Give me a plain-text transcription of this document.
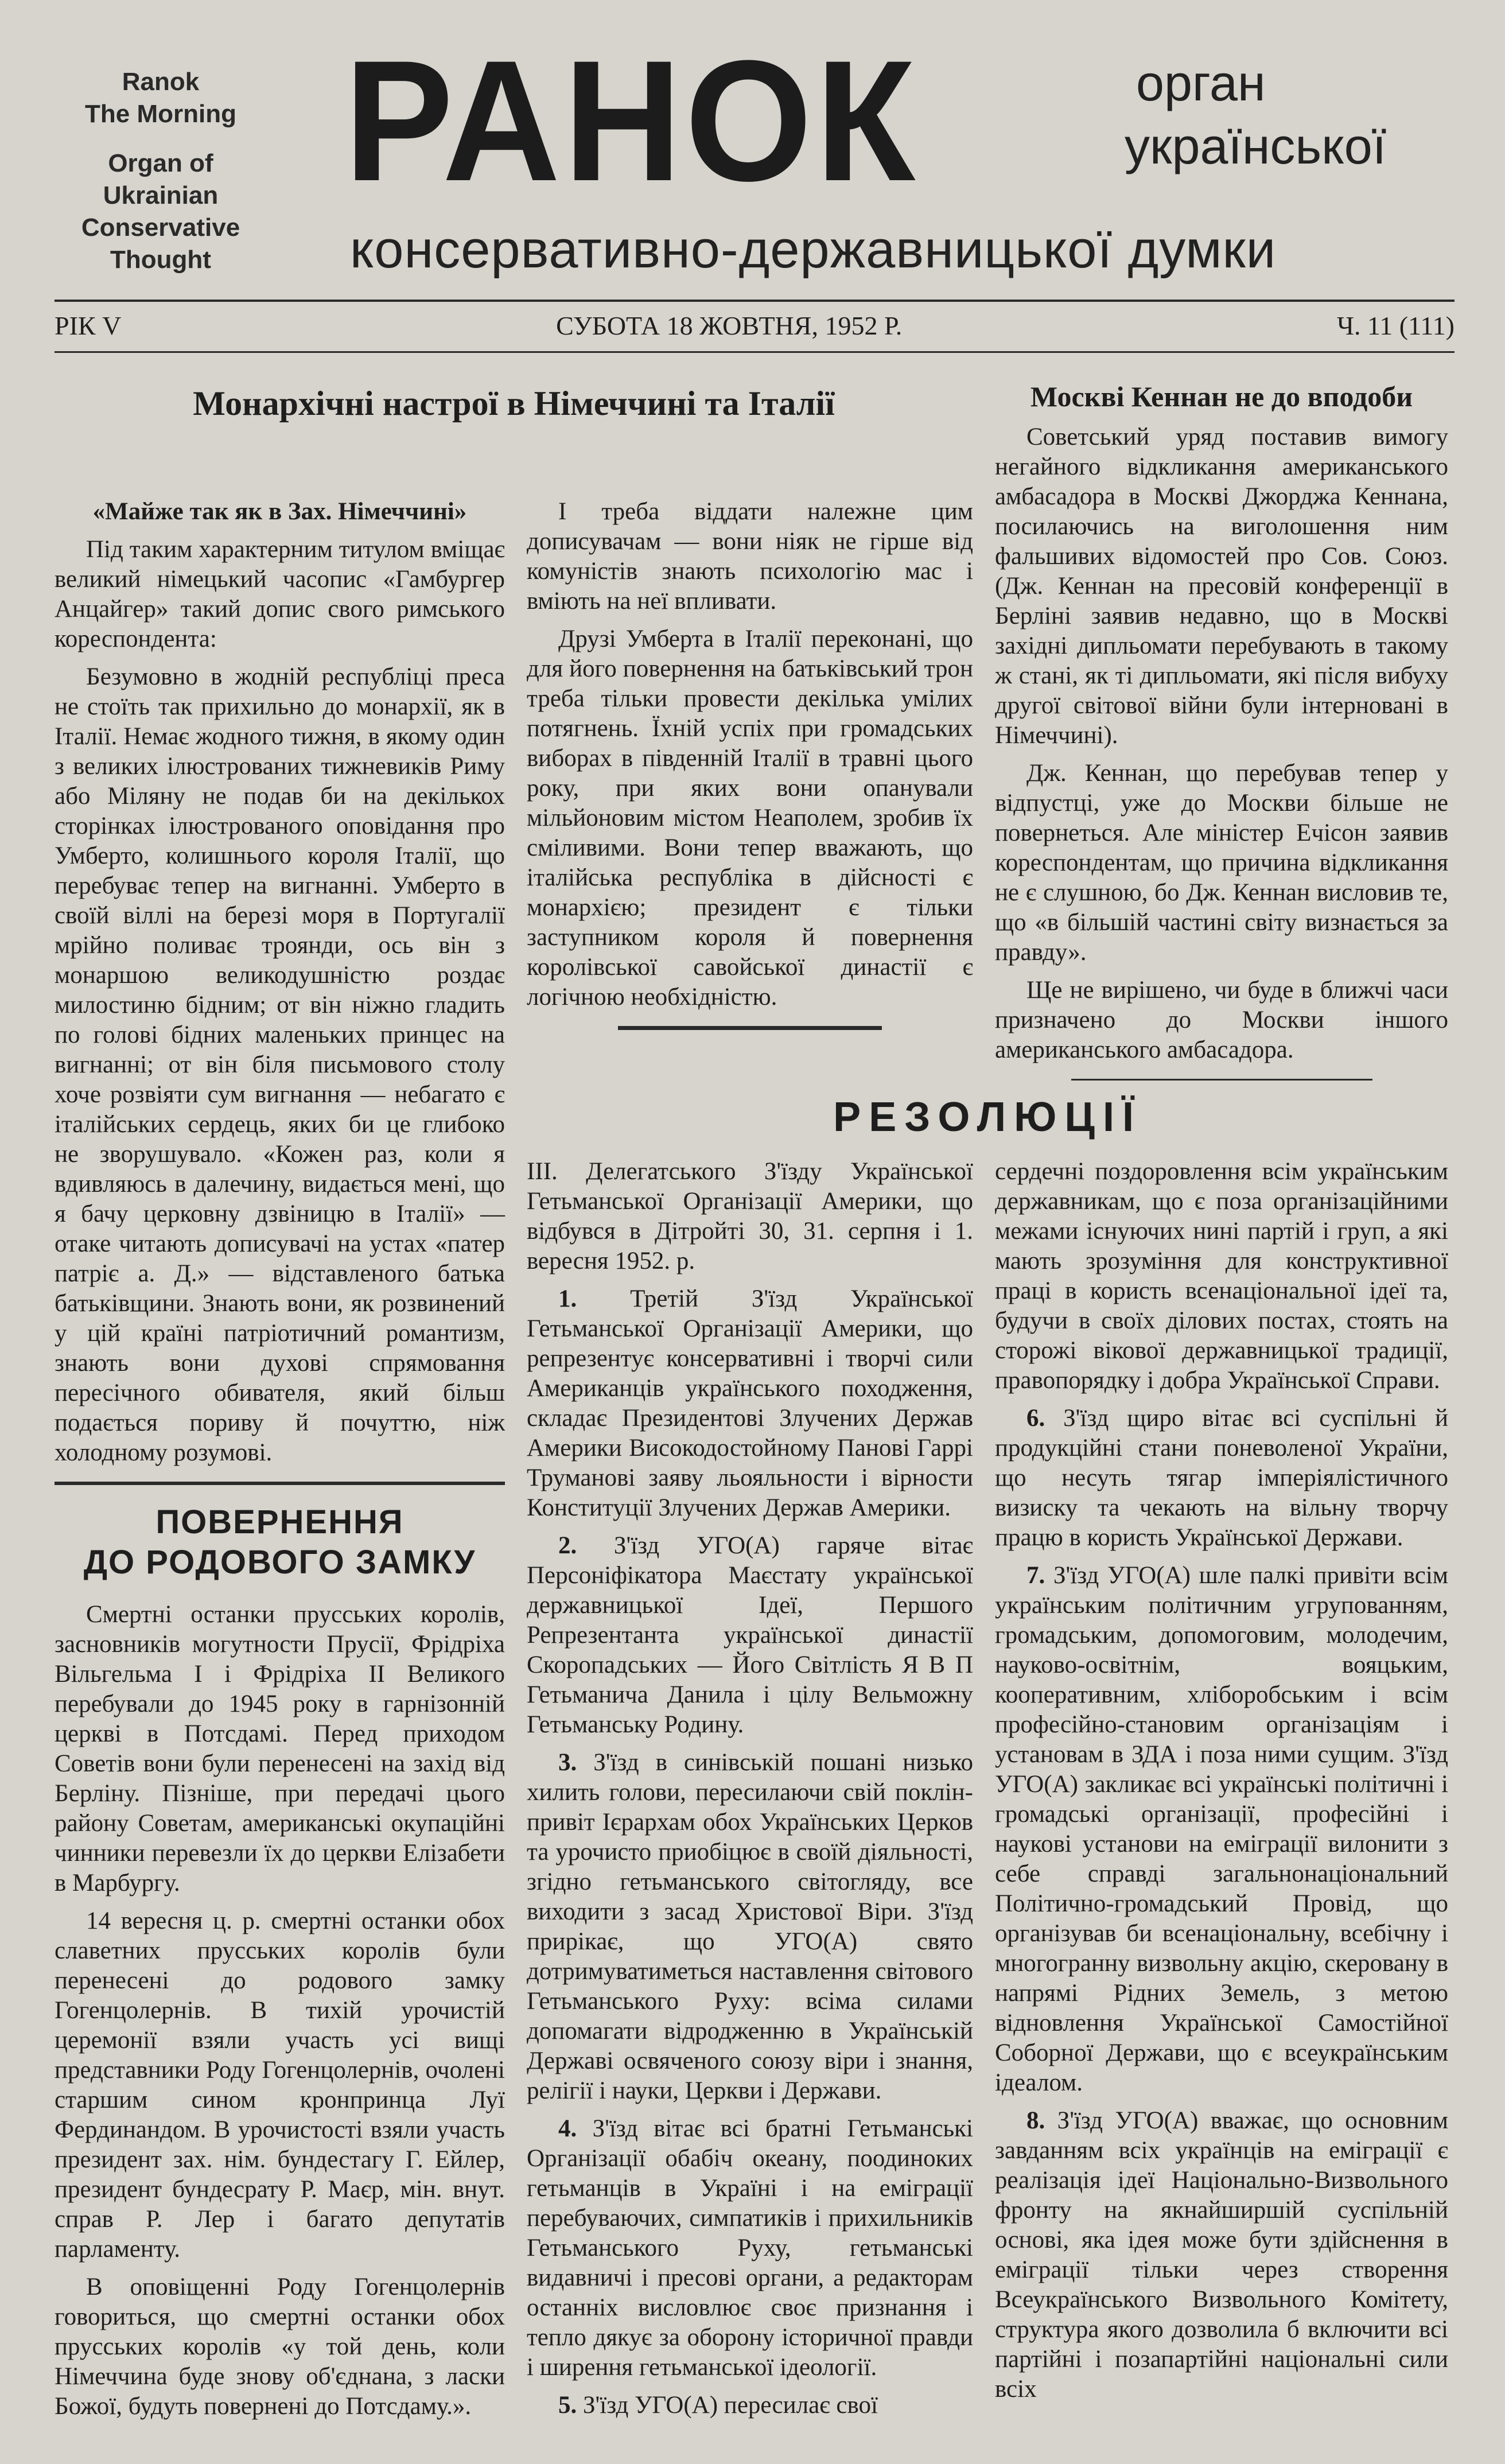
Ranok
The Morning
Organ of
Ukrainian
Conservative
Thought
РАНОК	орган
української
консервативно-державницької думки
РІК V	СУБОТА 18 ЖОВТНЯ, 1952 Р.	Ч. 11 (111)
Монархічні настрої в Німеччині та Італії	Москві Кеннан не до вподоби

Советський уряд поставив вимогу негайного відкликання американського амбасадора в Москві Джорджа Кеннана, посилаючись на виголошення ним фальшивих відомостей про Сов. Союз. (Дж. Кеннан на пресовій конференції в Берліні заявив недавно, що в Москві західні дипльомати перебувають в такому ж стані, як ті дипльомати, які після вибуху другої світової війни були інтерновані в Німеччині).

Дж. Кеннан, що перебував тепер у відпустці, уже до Москви більше не повернеться. Але міністер Ечісон заявив кореспондентам, що причина відкликання не є слушною, бо Дж. Кеннан висловив те, що «в більшій частині світу визнається за правду».

Ще не вирішено, чи буде в ближчі часи призначено до Москви іншого американського амбасадора.

«Майже так як в Зах. Німеччині»

Під таким характерним титулом вміщає великий німецький часопис «Гамбургер Анцайгер» такий допис свого римського кореспондента:

Безумовно в жодній республіці преса не стоїть так прихильно до монархії, як в Італії. Немає жодного тижня, в якому один з великих ілюстрованих тижневиків Риму або Міляну не подав би на декількох сторінках ілюстрованого оповідання про Умберто, колишнього короля Італії, що перебуває тепер на вигнанні. Умберто в своїй віллі на березі моря в Португалії мрійно поливає троянди, ось він з монаршою великодушністю роздає милостиню бідним; от він ніжно гладить по голові бідних маленьких принцес на вигнанні; от він біля письмового столу хоче розвіяти сум вигнання — небагато є італійських сердець, яких би це глибоко не зворушувало. «Кожен раз, коли я вдивляюсь в далечину, видається мені, що я бачу церковну дзвіницю в Італії» — отаке читають дописувачі на устах «патер патріє а. Д.» — відставленого батька батьківщини. Знають вони, як розвинений у цій країні патріотичний романтизм, знають вони духові спрямовання пересічного обивателя, який більш подається пориву й почуттю, ніж холодному розумові.

ПОВЕРНЕННЯ
ДО РОДОВОГО ЗАМКУ

Смертні останки прусських королів, засновників могутности Прусії, Фрідріха Вільгельма І і Фрідріха ІІ Великого перебували до 1945 року в гарнізонній церкві в Потсдамі. Перед приходом Советів вони були перенесені на захід від Берліну. Пізніше, при передачі цього району Советам, американські окупаційні чинники перевезли їх до церкви Елізабети в Марбургу.

14 вересня ц. р. смертні останки обох славетних прусських королів були перенесені до родового замку Гогенцолернів. В тихій урочистій церемонії взяли участь усі вищі представники Роду Гогенцолернів, очолені старшим сином кронпринца Луї Фердинандом. В урочистості взяли участь президент зах. нім. бундестагу Г. Ейлер, президент бундесрату Р. Маєр, мін. внут. справ Р. Лер і багато депутатів парламенту.

В оповіщенні Роду Гогенцолернів говориться, що смертні останки обох прусських королів «у той день, коли Німеччина буде знову об'єднана, з ласки Божої, будуть повернені до Потсдаму.».

І треба віддати належне цим дописувачам — вони ніяк не гірше від комуністів знають психологію мас і вміють на неї впливати.

Друзі Умберта в Італії переконані, що для його повернення на батьківський трон треба тільки провести декілька умілих потягнень. Їхній успіх при громадських виборах в південній Італії в травні цього року, при яких вони опанували мільйоновим містом Неаполем, зробив їх сміливими. Вони тепер вважають, що італійська республіка в дійсності є монархією; президент є тільки заступником короля й повернення королівської савойської династії є логічною необхідністю.

РЕЗОЛЮЦІЇ

III. Делегатського З'їзду Української Гетьманської Організації Америки, що відбувся в Дітройті 30, 31. серпня і 1. вересня 1952. р.

1. Третій З'їзд Української Гетьманської Організації Америки, що репрезентує консервативні і творчі сили Американців українського походження, складає Президентові Злучених Держав Америки Високодостойному Панові Гаррі Труманові заяву льояльности і вірности Конституції Злучених Держав Америки.

2. З'їзд УГО(А) гаряче вітає Персоніфікатора Маєстату української державницької Ідеї, Першого Репрезентанта української династії Скоропадських — Його Світлість Я В П Гетьманича Данила і цілу Вельможну Гетьманську Родину.

3. З'їзд в синівській пошані низько хилить голови, пересилаючи свій поклін-привіт Ієрархам обох Українських Церков та урочисто приобіцює в своїй діяльності, згідно гетьманського світогляду, все виходити з засад Христової Віри. З'їзд прирікає, що УГО(А) свято дотримуватиметься наставлення світового Гетьманського Руху: всіма силами допомагати відродженню в Українській Державі освяченого союзу віри і знання, релігії і науки, Церкви і Держави.

4. З'їзд вітає всі братні Гетьманські Організації обабіч океану, поодиноких гетьманців в Україні і на еміграції перебуваючих, симпатиків і прихильників Гетьманського Руху, гетьманські видавничі і пресові органи, а редакторам останніх висловлює своє признання і тепло дякує за оборону історичної правди і ширення гетьманської ідеології.

5. З'їзд УГО(А) пересилає свої

сердечні поздоровлення всім українським державникам, що є поза організаційними межами існуючих нині партій і груп, а які мають зрозуміння для конструктивної праці в користь всенаціональної ідеї та, будучи в своїх ділових постах, стоять на сторожі вікової державницької традиції, правопорядку і добра Української Справи.

6. З'їзд щиро вітає всі суспільні й продукційні стани поневоленої України, що несуть тягар імперіялістичного визиску та чекають на вільну творчу працю в користь Української Держави.

7. З'їзд УГО(А) шле палкі привіти всім українським політичним угрупованням, громадським, допомоговим, молодечим, науково-освітнім, вояцьким, кооперативним, хліборобським і всім професійно-становим організаціям і установам в ЗДА і поза ними сущим. З'їзд УГО(А) закликає всі українські політичні і громадські організації, професійні і наукові установи на еміграції вилонити з себе справді загальнонаціональний Політично-громадський Провід, що організував би всенаціональну, всебічну і многогранну визвольну акцію, скеровану в напрямі Рідних Земель, з метою відновлення Української Самостійної Соборної Держави, що є всеукраїнським ідеалом.

8. З'їзд УГО(А) вважає, що основним завданням всіх українців на еміграції є реалізація ідеї Національно-Визвольного фронту на якнайширшій суспільній основі, яка ідея може бути здійснення в еміграції тільки через створення Всеукраїнського Визвольного Комітету, структура якого дозволила б включити всі партійні і позапартійні національні сили всіх
